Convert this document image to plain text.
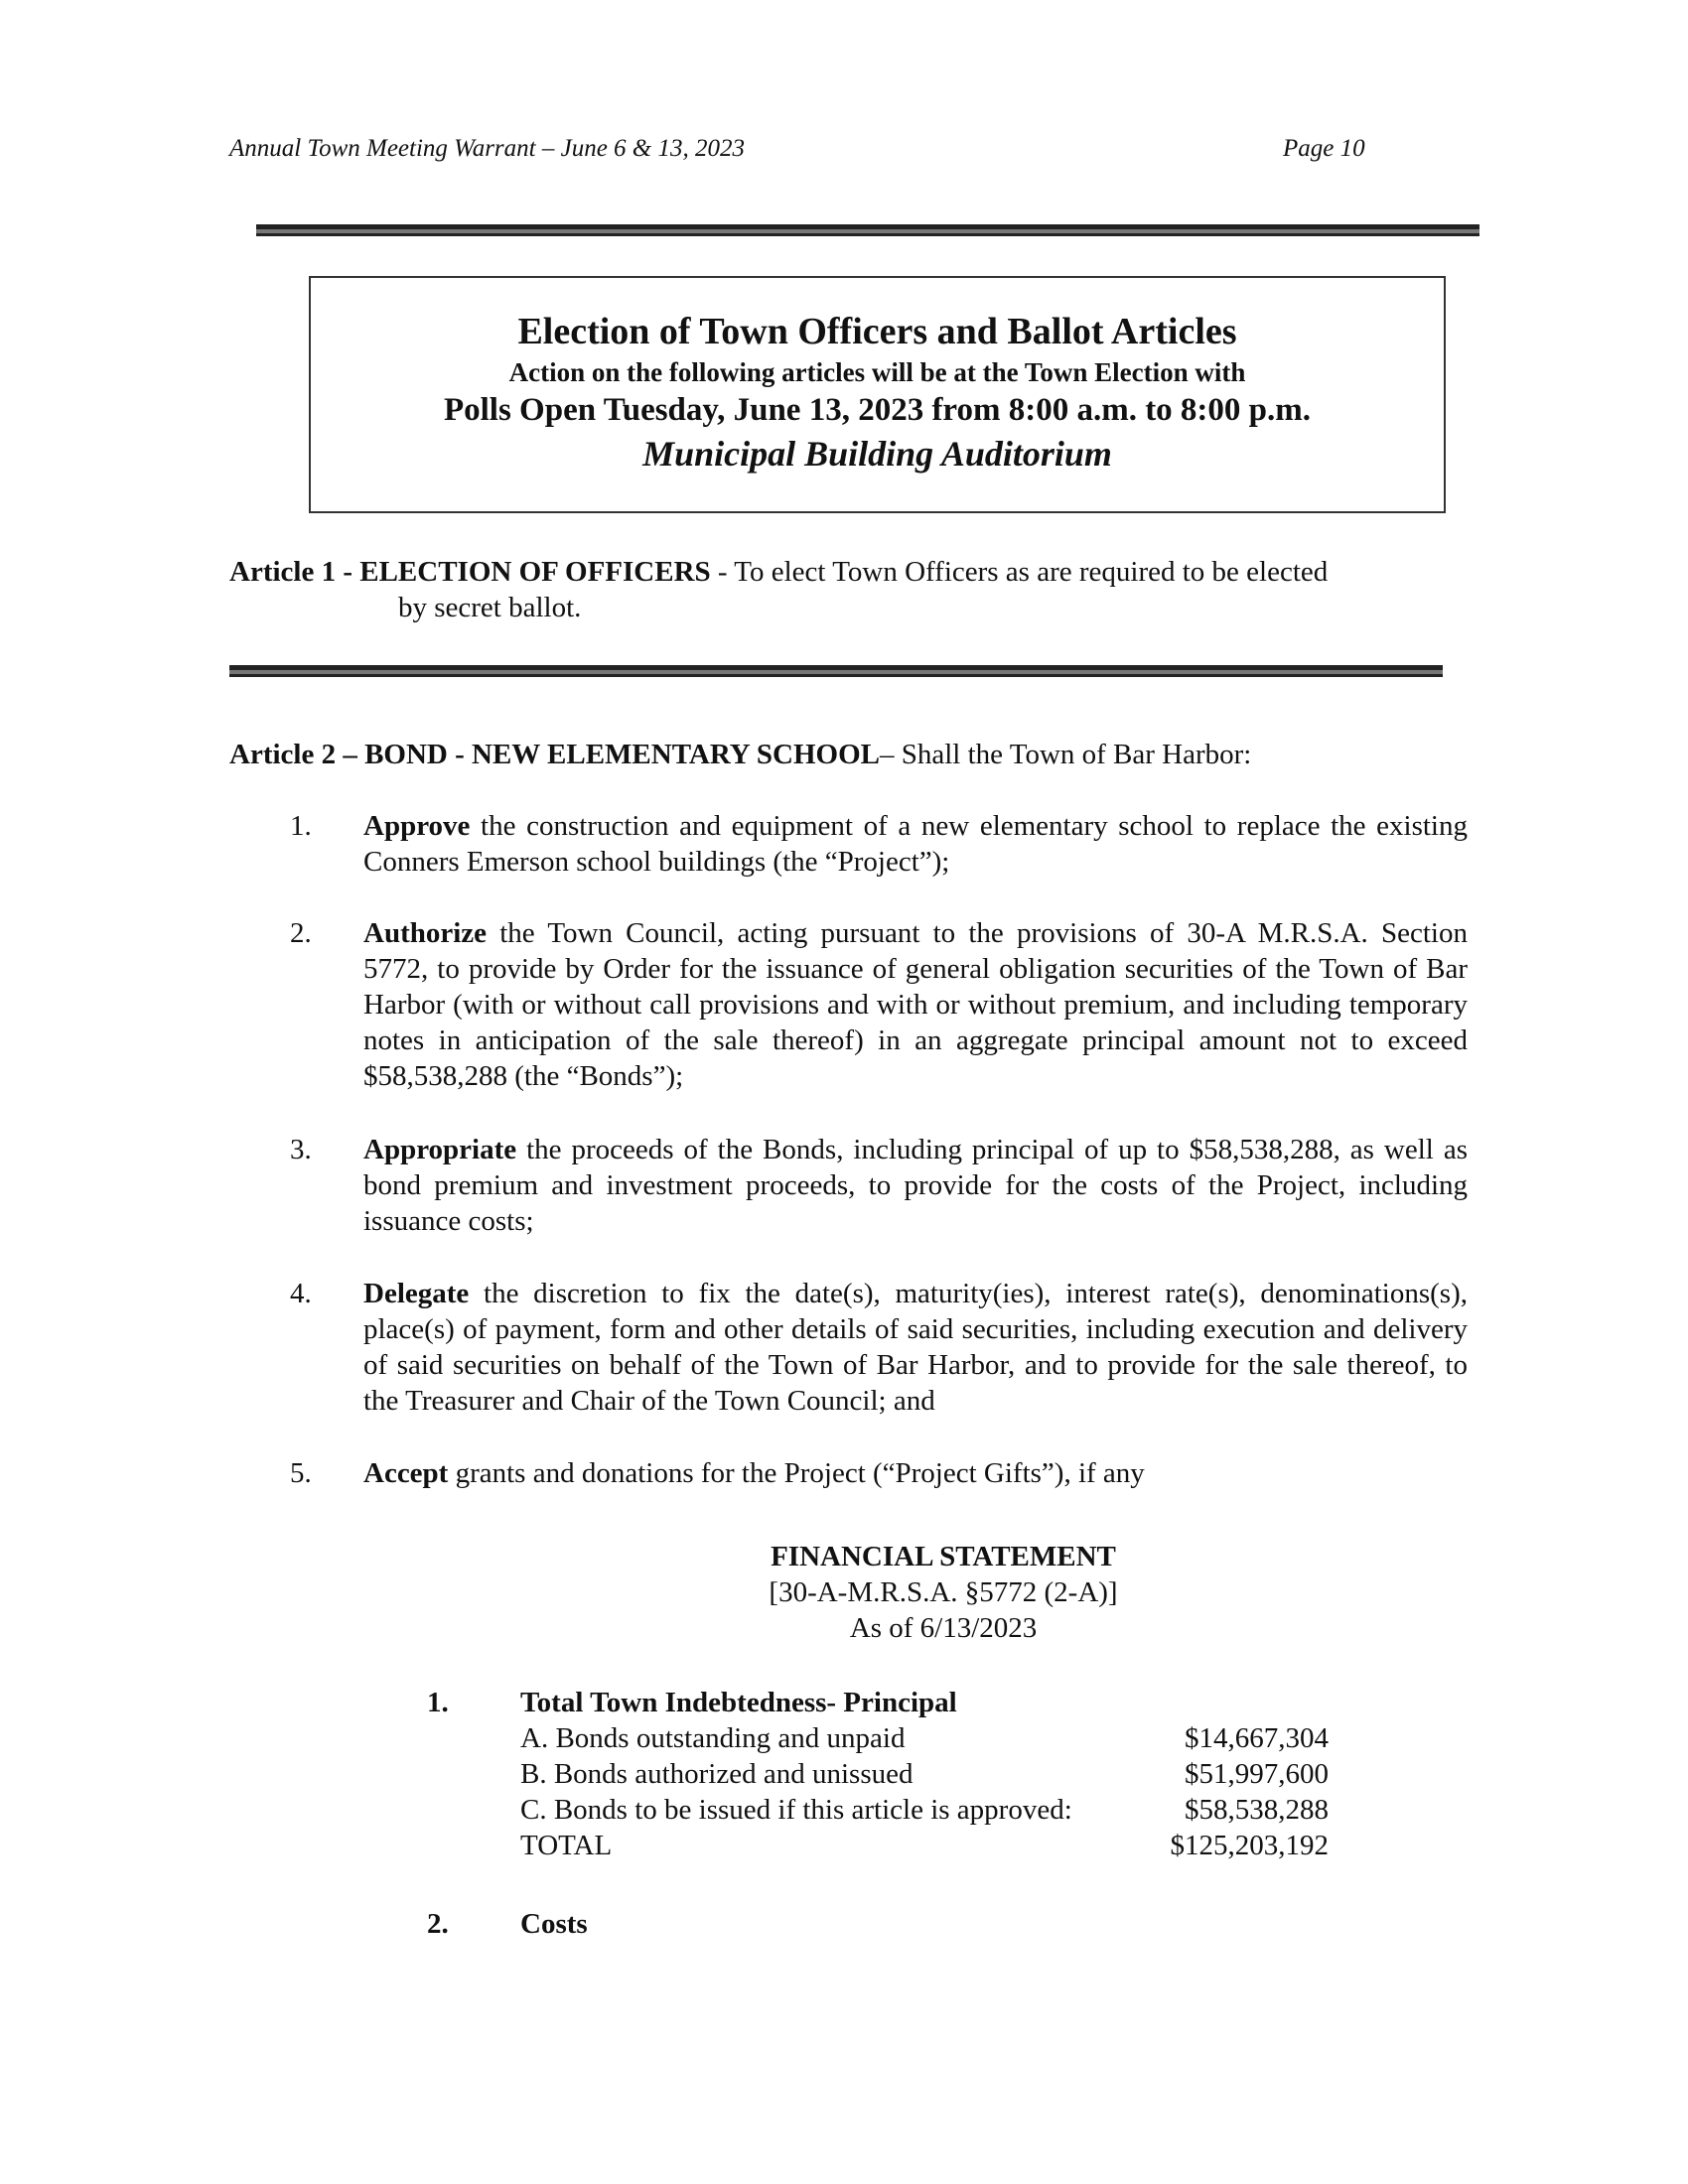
Annual Town Meeting Warrant – June 6 & 13, 2023	Page 10
Election of Town Officers and Ballot Articles
Action on the following articles will be at the Town Election with
Polls Open Tuesday, June 13, 2023 from 8:00 a.m. to 8:00 p.m.
Municipal Building Auditorium
Article 1 - ELECTION OF OFFICERS - To elect Town Officers as are required to be elected
by secret ballot.
Article 2 – BOND - NEW ELEMENTARY SCHOOL– Shall the Town of Bar Harbor:
1.	Approve the construction and equipment of a new elementary school to replace the existing Conners Emerson school buildings (the “Project”);
2.	Authorize the Town Council, acting pursuant to the provisions of 30-A M.R.S.A. Section 5772, to provide by Order for the issuance of general obligation securities of the Town of Bar Harbor (with or without call provisions and with or without premium, and including temporary notes in anticipation of the sale thereof) in an aggregate principal amount not to exceed $58,538,288 (the “Bonds”);
3.	Appropriate the proceeds of the Bonds, including principal of up to $58,538,288, as well as bond premium and investment proceeds, to provide for the costs of the Project, including issuance costs;
4.	Delegate the discretion to fix the date(s), maturity(ies), interest rate(s), denominations(s), place(s) of payment, form and other details of said securities, including execution and delivery of said securities on behalf of the Town of Bar Harbor, and to provide for the sale thereof, to the Treasurer and Chair of the Town Council; and
5.	Accept grants and donations for the Project (“Project Gifts”), if any
FINANCIAL STATEMENT
[30-A-M.R.S.A. §5772 (2-A)]
As of 6/13/2023
1. Total Town Indebtedness- Principal
A. Bonds outstanding and unpaid	$14,667,304
B. Bonds authorized and unissued	$51,997,600
C. Bonds to be issued if this article is approved:	$58,538,288
TOTAL	$125,203,192
2. Costs
